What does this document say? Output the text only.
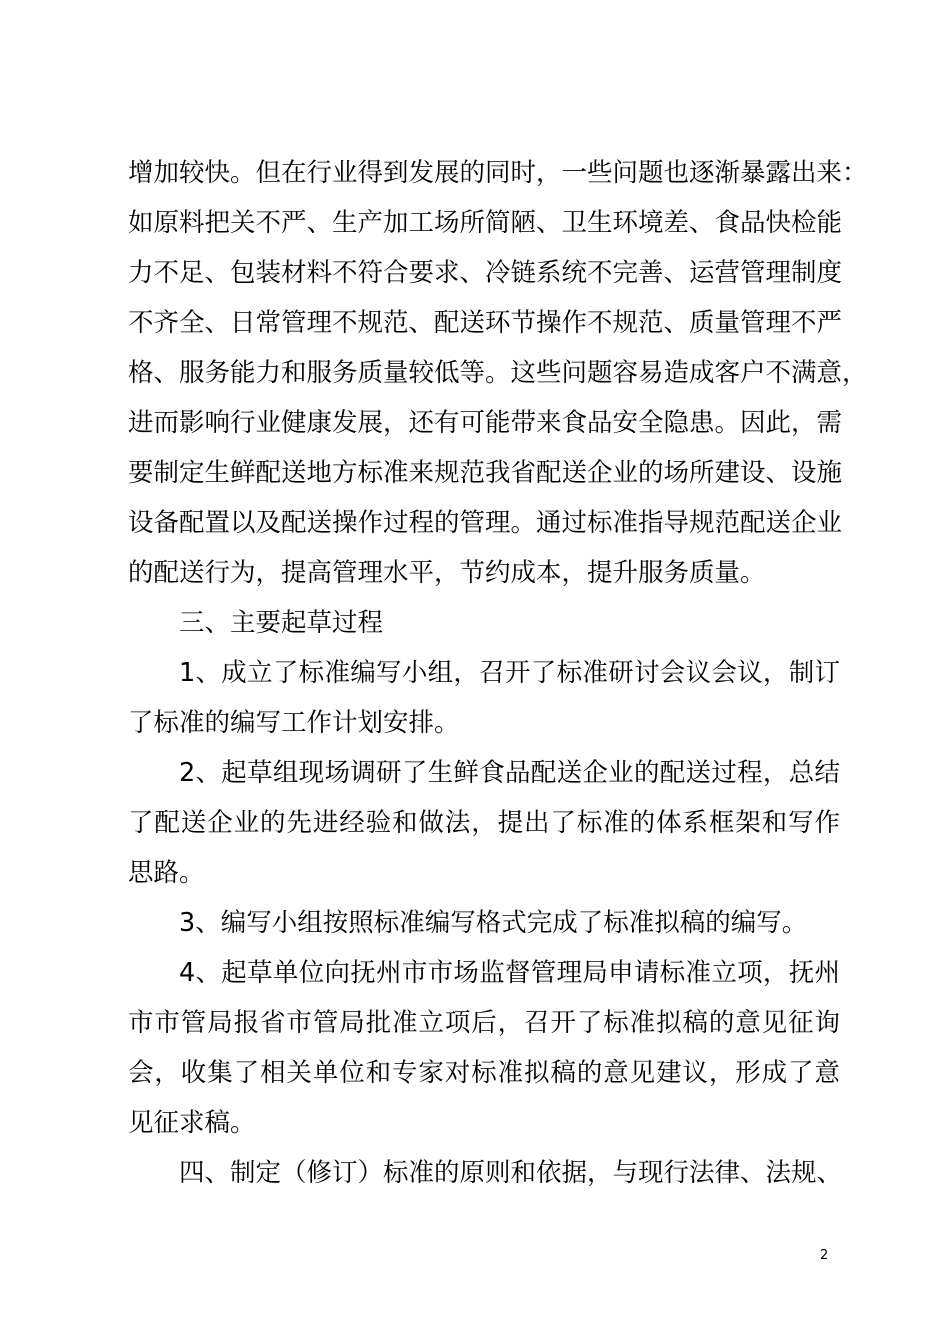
增加较快。但在行业得到发展的同时，一些问题也逐渐暴露出来：
如原料把关不严、生产加工场所简陋、卫生环境差、食品快检能
力不足、包装材料不符合要求、冷链系统不完善、运营管理制度
不齐全、日常管理不规范、配送环节操作不规范、质量管理不严
格、服务能力和服务质量较低等。这些问题容易造成客户不满意，
进而影响行业健康发展，还有可能带来食品安全隐患。因此，需
要制定生鲜配送地方标准来规范我省配送企业的场所建设、设施
设备配置以及配送操作过程的管理。通过标准指导规范配送企业
的配送行为，提高管理水平，节约成本，提升服务质量。
三、主要起草过程
1、成立了标准编写小组，召开了标准研讨会议会议，制订
了标准的编写工作计划安排。
2、起草组现场调研了生鲜食品配送企业的配送过程，总结
了配送企业的先进经验和做法，提出了标准的体系框架和写作
思路。
3、编写小组按照标准编写格式完成了标准拟稿的编写。
4、起草单位向抚州市市场监督管理局申请标准立项，抚州
市市管局报省市管局批准立项后，召开了标准拟稿的意见征询
会，收集了相关单位和专家对标准拟稿的意见建议，形成了意
见征求稿。
四、制定（修订）标准的原则和依据，与现行法律、法规、
2
